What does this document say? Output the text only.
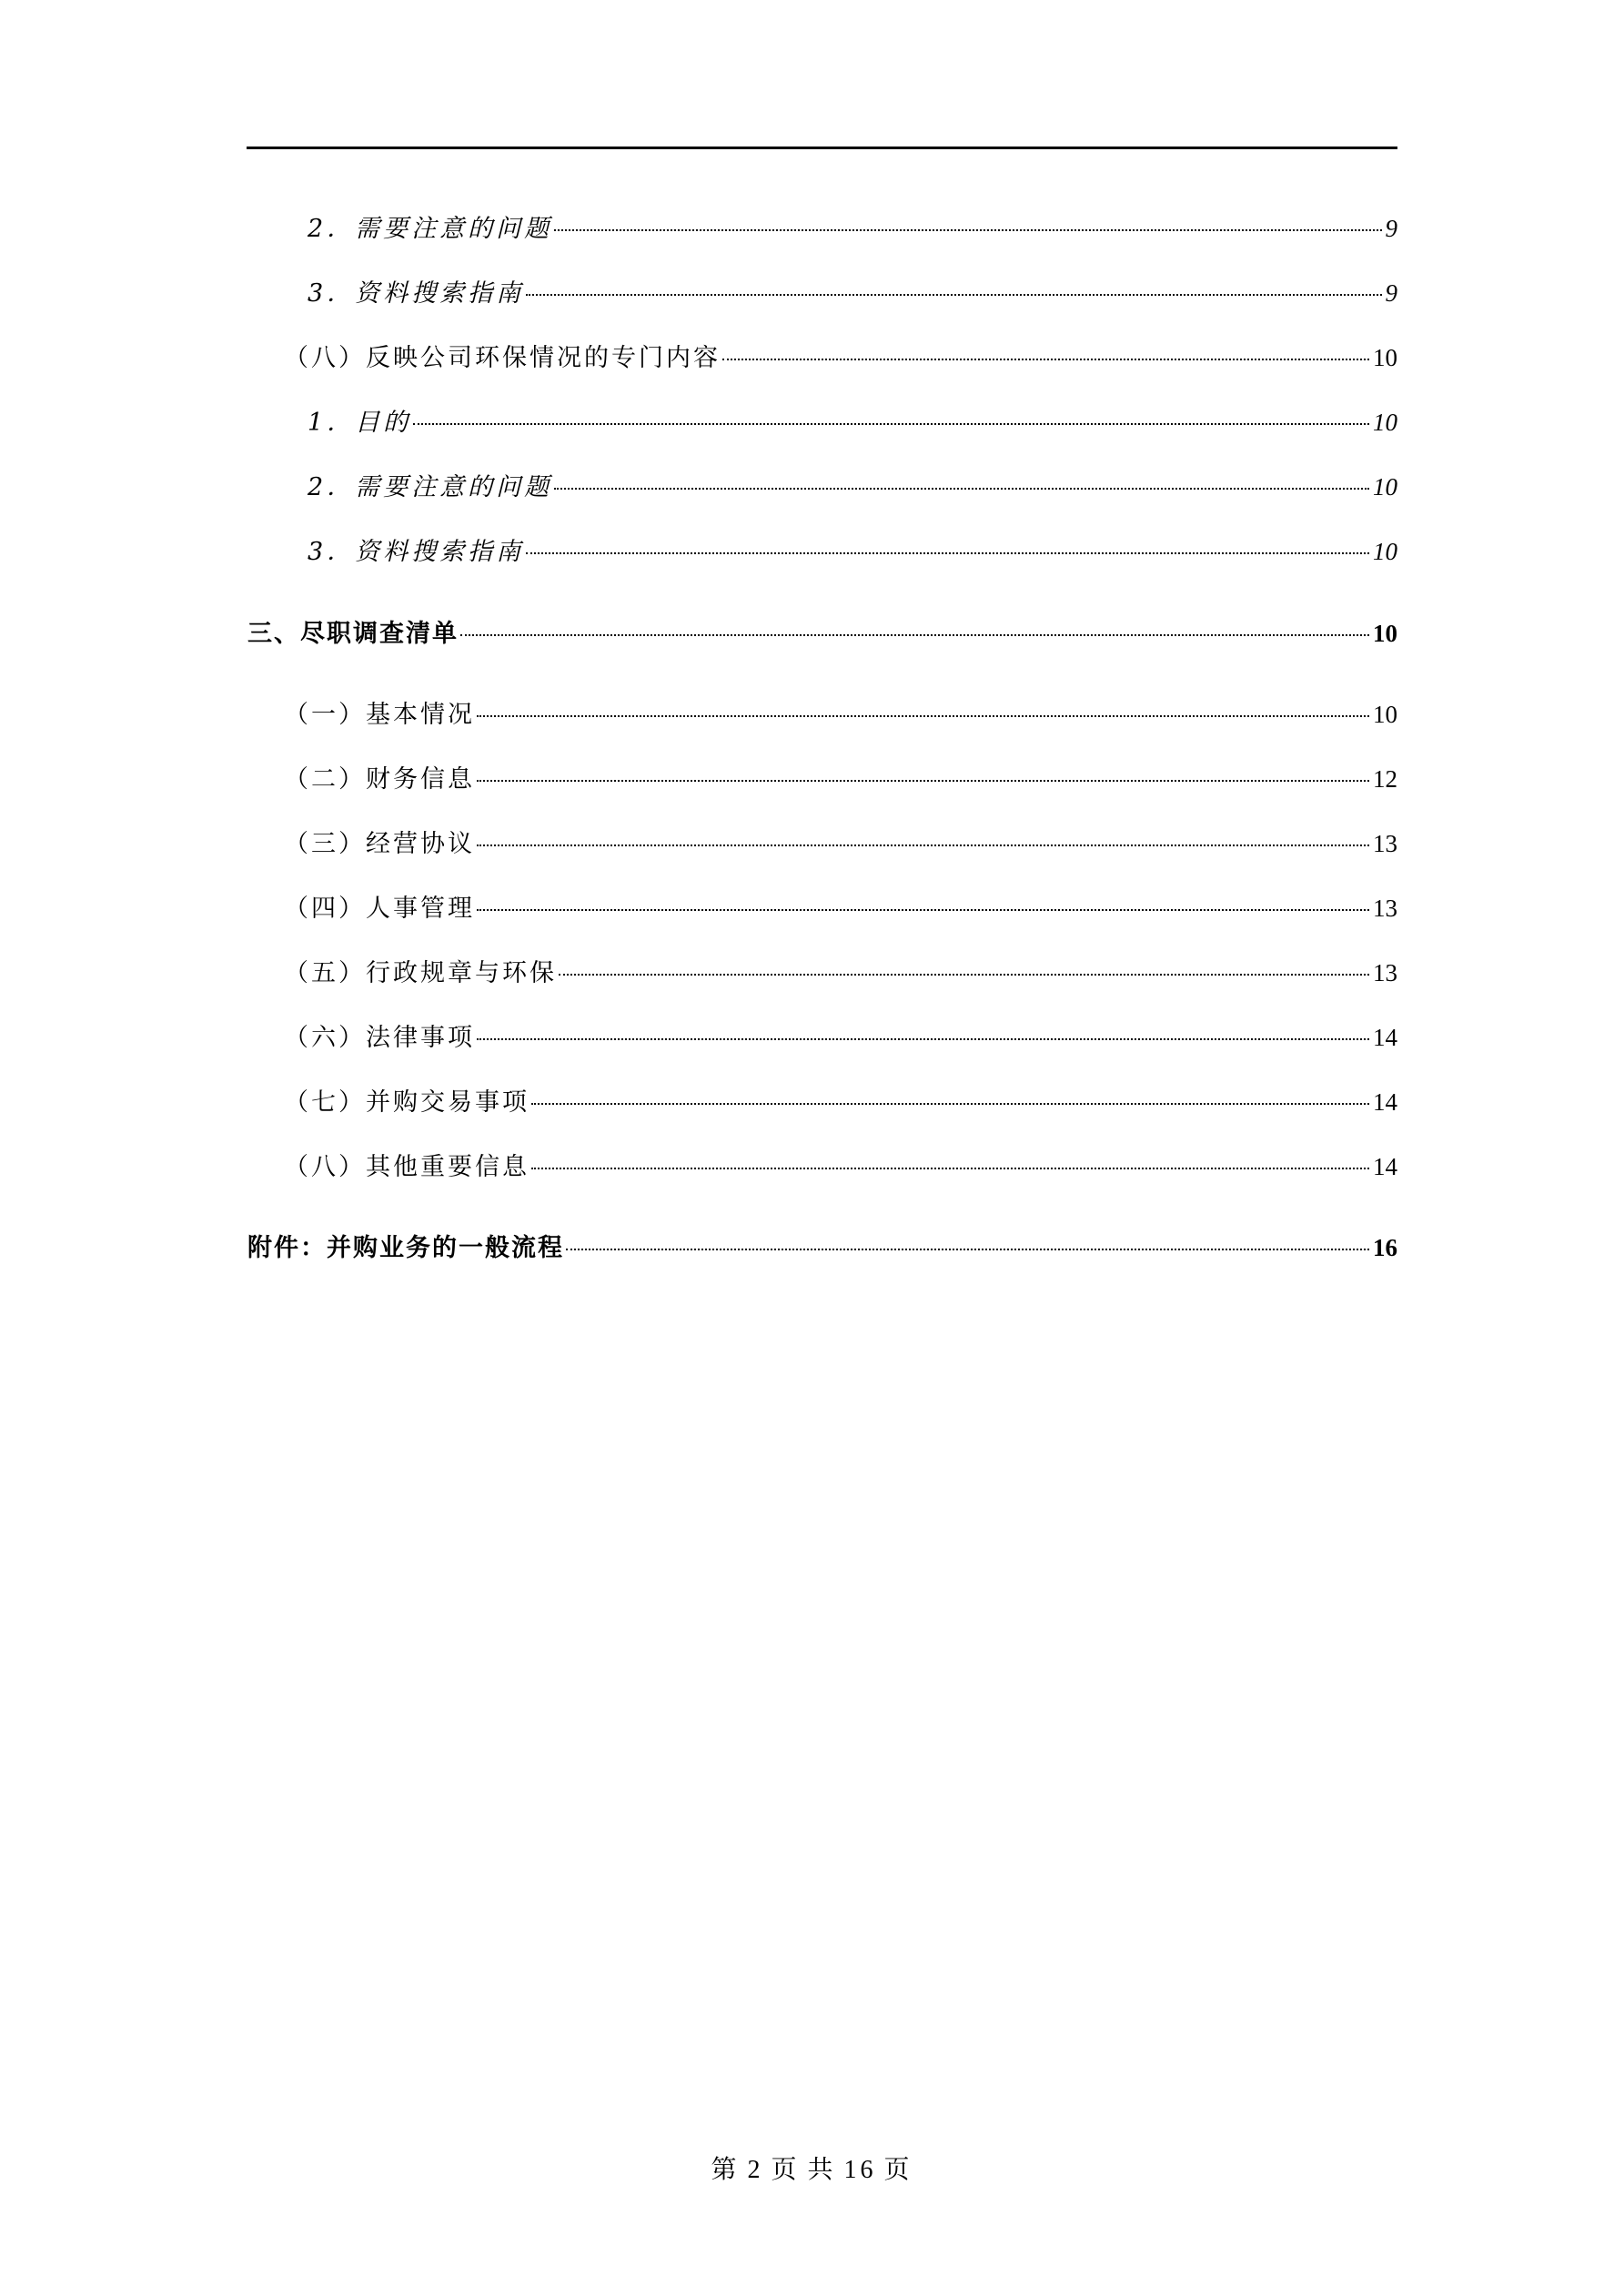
2．需要注意的问题	9
3．资料搜索指南	9
（八）反映公司环保情况的专门内容	10
1．目的	10
2．需要注意的问题	10
3．资料搜索指南	10
三、尽职调查清单	10
（一）基本情况	10
（二）财务信息	12
（三）经营协议	13
（四）人事管理	13
（五）行政规章与环保	13
（六）法律事项	14
（七）并购交易事项	14
（八）其他重要信息	14
附件：并购业务的一般流程	16
第 2 页 共 16 页
